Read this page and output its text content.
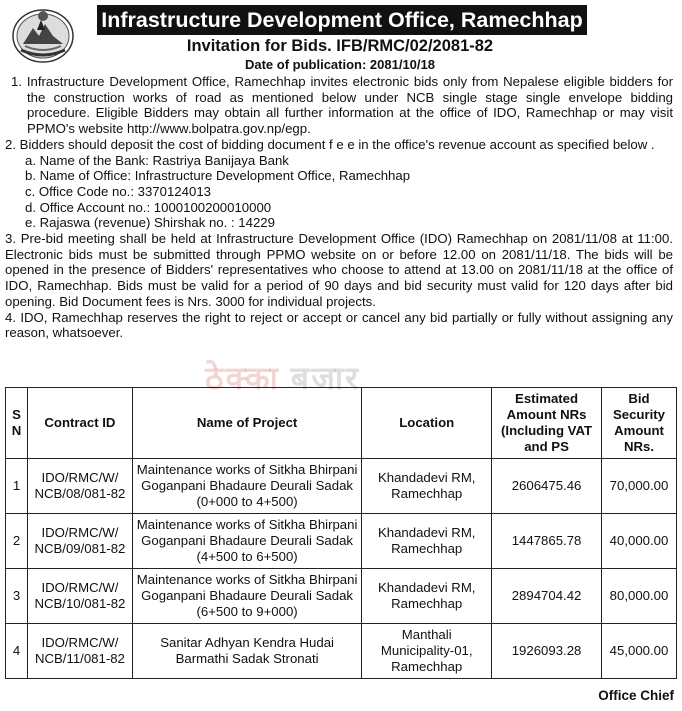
Infrastructure Development Office, Ramechhap
Invitation for Bids. IFB/RMC/02/2081-82
Date of publication: 2081/10/18

1. Infrastructure Development Office, Ramechhap invites electronic bids only from Nepalese eligible bidders for the construction works of road as mentioned below under NCB single stage single envelope bidding procedure. Eligible Bidders may obtain all further information at the office of IDO, Ramechhap or may visit PPMO's website http://www.bolpatra.gov.np/egp.

2. Bidders should deposit the cost of bidding document f e e in the office's revenue account as specified below .

a. Name of the Bank: Rastriya Banijaya Bank
b. Name of Office: Infrastructure Development Office, Ramechhap
c. Office Code no.: 3370124013
d. Office Account no.: 1000100200010000
e. Rajaswa (revenue) Shirshak no. : 14229

3. Pre-bid meeting shall be held at Infrastructure Development Office (IDO) Ramechhap on 2081/11/08 at 11:00. Electronic bids must be submitted through PPMO website on or before 12.00 on 2081/11/18. The bids will be opened in the presence of Bidders' representatives who choose to attend at 13.00 on 2081/11/18 at the office of IDO, Ramechhap. Bids must be valid for a period of 90 days and bid security must valid for 120 days after bid opening. Bid Document fees is Nrs. 3000 for individual projects.

4. IDO, Ramechhap reserves the right to reject or accept or cancel any bid partially or fully without assigning any reason, whatsoever.

ठेक्का बजार
S N	Contract ID	Name of Project	Location	Estimated Amount NRs (Including VAT and PS	Bid Security Amount NRs.
1	IDO/RMC/W/ NCB/08/081-82	Maintenance works of Sitkha Bhirpani Goganpani Bhadaure Deurali Sadak (0+000 to 4+500)	Khandadevi RM, Ramechhap	2606475.46	70,000.00
2	IDO/RMC/W/ NCB/09/081-82	Maintenance works of Sitkha Bhirpani Goganpani Bhadaure Deurali Sadak (4+500 to 6+500)	Khandadevi RM, Ramechhap	1447865.78	40,000.00
3	IDO/RMC/W/ NCB/10/081-82	Maintenance works of Sitkha Bhirpani Goganpani Bhadaure Deurali Sadak (6+500 to 9+000)	Khandadevi RM, Ramechhap	2894704.42	80,000.00
4	IDO/RMC/W/ NCB/11/081-82	Sanitar Adhyan Kendra Hudai Barmathi Sadak Stronati	Manthali Municipality-01, Ramechhap	1926093.28	45,000.00
Office Chief
